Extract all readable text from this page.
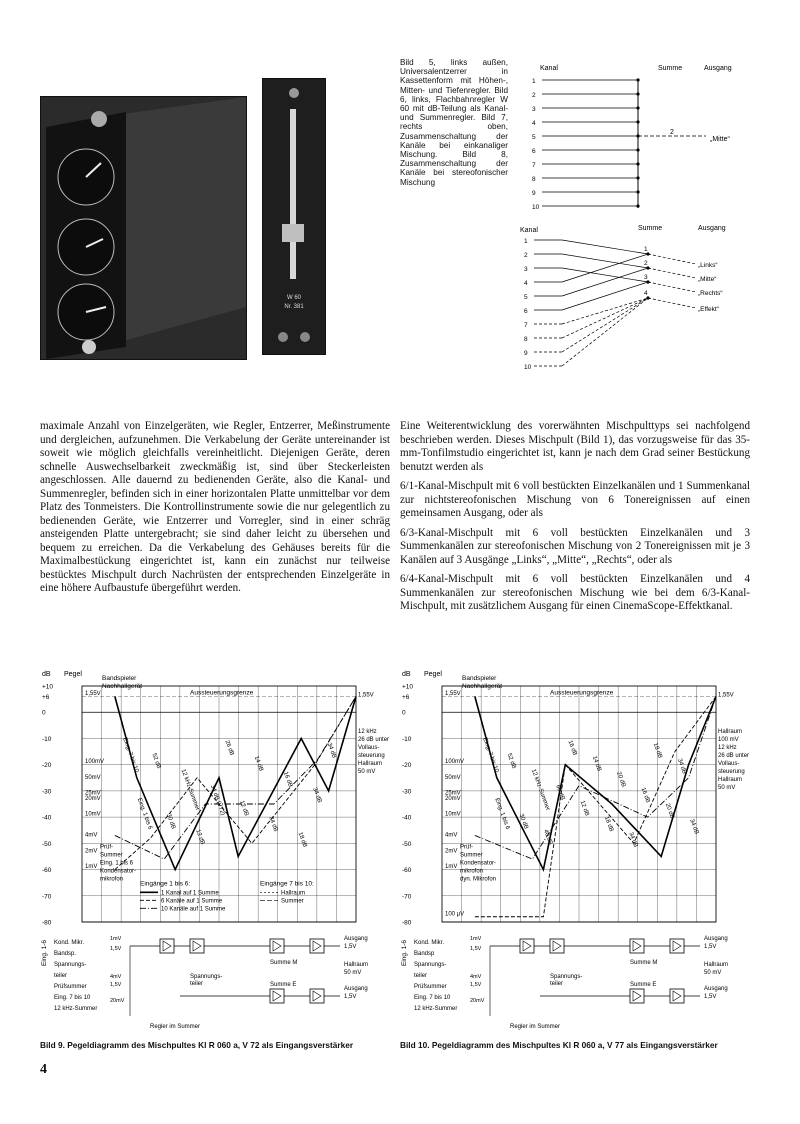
W 60
Nr. 381
Bild 5, links außen, Universalentzerrer in Kassettenform mit Höhen-, Mitten- und Tiefenregler. Bild 6, links, Flachbahnregler W 60 mit dB-Teilung als Kanal- und Summenregler. Bild 7, rechts oben, Zusammenschaltung der Kanäle bei einkanaliger Mischung. Bild 8, Zusammenschaltung der Kanäle bei stereofonischer Mischung
Kanal	Summe	Ausgang
1
2
3
4
5
6
7
8
9
10
2
„Mitte“
Kanal	Summe	Ausgang
1
2
3
4
5
6
7
8
9
10
1
„Links“
2
„Mitte“
3
„Rechts“
4
„Effekt“

maximale Anzahl von Einzelgeräten, wie Regler, Entzerrer, Meßinstrumente und dergleichen, aufzunehmen. Die Verkabelung der Geräte untereinander ist soweit wie möglich gleichfalls vereinheitlicht. Diejenigen Geräte, deren schnelle Auswechselbarkeit zweckmäßig ist, sind über Steckerleisten angeschlossen. Alle dauernd zu bedienenden Geräte, also die Kanal- und Summenregler, befinden sich in einer horizontalen Platte unmittelbar vor dem Platz des Tonmeisters. Die Kontrollinstrumente sowie die nur gelegentlich zu bedienenden Geräte, wie Entzerrer und Vorregler, sind in einer schräg ansteigenden Platte untergebracht; sie sind daher leicht zu übersehen und bequem zu erreichen. Da die Verkabelung des Gehäuses bereits für die Maximalbestückung eingerichtet ist, kann ein zunächst nur teilweise bestücktes Mischpult durch Nachrüsten der entsprechenden Einzelgeräte in eine höhere Aufbaustufe übergeführt werden.

Eine Weiterentwicklung des vorerwähnten Mischpulttyps sei nachfolgend beschrieben werden. Dieses Mischpult (Bild 1), das vorzugsweise für das 35-mm-Tonfilmstudio eingerichtet ist, kann je nach dem Grad seiner Bestückung benutzt werden als

6/1-Kanal-Mischpult mit 6 voll bestückten Einzelkanälen und 1 Summenkanal zur nichtstereofonischen Mischung von 6 Tonereignissen auf einen gemeinsamen Ausgang, oder als

6/3-Kanal-Mischpult mit 6 voll bestückten Einzelkanälen und 3 Summenkanälen zur stereofonischen Mischung von 2 Tonereignissen mit je 3 Kanälen auf 3 Ausgänge „Links“, „Mitte“, „Rechts“, oder als

6/4-Kanal-Mischpult mit 6 voll bestückten Einzelkanälen und 4 Summenkanälen zur stereofonischen Mischung wie bei dem 6/3-Kanal-Mischpult, mit zusätzlichem Ausgang für einen CinemaScope-Effektkanal.

dB Pegel
+10
+6
0
-10
-20
-30
-40
-50
-60
-70
-80
1,55V
100mV
50mV
25mV
20mV
10mV
4mV
2mV
1mV
Bandspieler
Nachhallgerät
Aussteuerungsgrenze	1,55V
12 kHz
26 dB unter
Vollaus-
steuerung
Hallraum
50 mV
Prüf-
Summer
Eing. 1 bis 6
Kondensator-
mikrofon
Eing. 7 bis 10
Eing. 1 bis 6
52 dB
30 dB
12 kHz-Summer
12 dB
34 dB (V72)
26 dB
12 dB
14 dB
34 dB
16 dB
18 dB
34 dB
34 dB
Eingänge 1 bis 6:	Eingänge 7 bis 10:
1 Kanal auf 1 Summe
6 Kanäle auf 1 Summe
10 Kanäle auf 1 Summe
Hallraum
Summer
Eing. 1-6 Kond. Mikr.
Bandsp.
Spannungs-
teiler
Prüfsummer
Eing. 7 bis 10
12 kHz-Summer
1mV
1,5V
4mV
1,5V
20mV
Ausgang
1,5V
Hallraum
50 mV
Ausgang
1,5V
Summe M
Spannungs-
teiler	Summe E
Regler im Summer
Bild 9. Pegeldiagramm des Mischpultes Kl R 060 a, V 72 als Eingangsverstärker
dB Pegel
+10
+6
0
-10
-20
-30
-40
-50
-60
-70
-80
1,55V
100mV
50mV
25mV
20mV
10mV
4mV
2mV
1mV
100 µV
Bandspieler
Nachhallgerät
Aussteuerungsgrenze	1,55V
Hallraum
100 mV
12 kHz
26 dB unter
Vollaus-
steuerung
Hallraum
50 mV
Prüf-
Summer
Kondensator-
mikrofon
dyn. Mikrofon
Eing. 7 bis 10
Eing. 1 bis 6
52 dB
30 dB
12 kHz-Summer
40 dB
60 dB
16 dB
12 dB
14 dB
18 dB
20 dB
34 dB
16 dB
18 dB
20 dB
34 dB
34 dB
Eing. 1-6 Kond. Mikr.
Bandsp
Spannungs-
teiler
Prüfsummer
Eing. 7 bis 10
12 kHz-Summer
1mV
1,5V
4mV
1,5V
20mV
Ausgang
1,5V
Hallraum
50 mV
Ausgang
1,5V
Summe M
Spannungs-
teiler	Summe E
Regler im Summer
Bild 10. Pegeldiagramm des Mischpultes Kl R 060 a, V 77 als Eingangsverstärker
4
